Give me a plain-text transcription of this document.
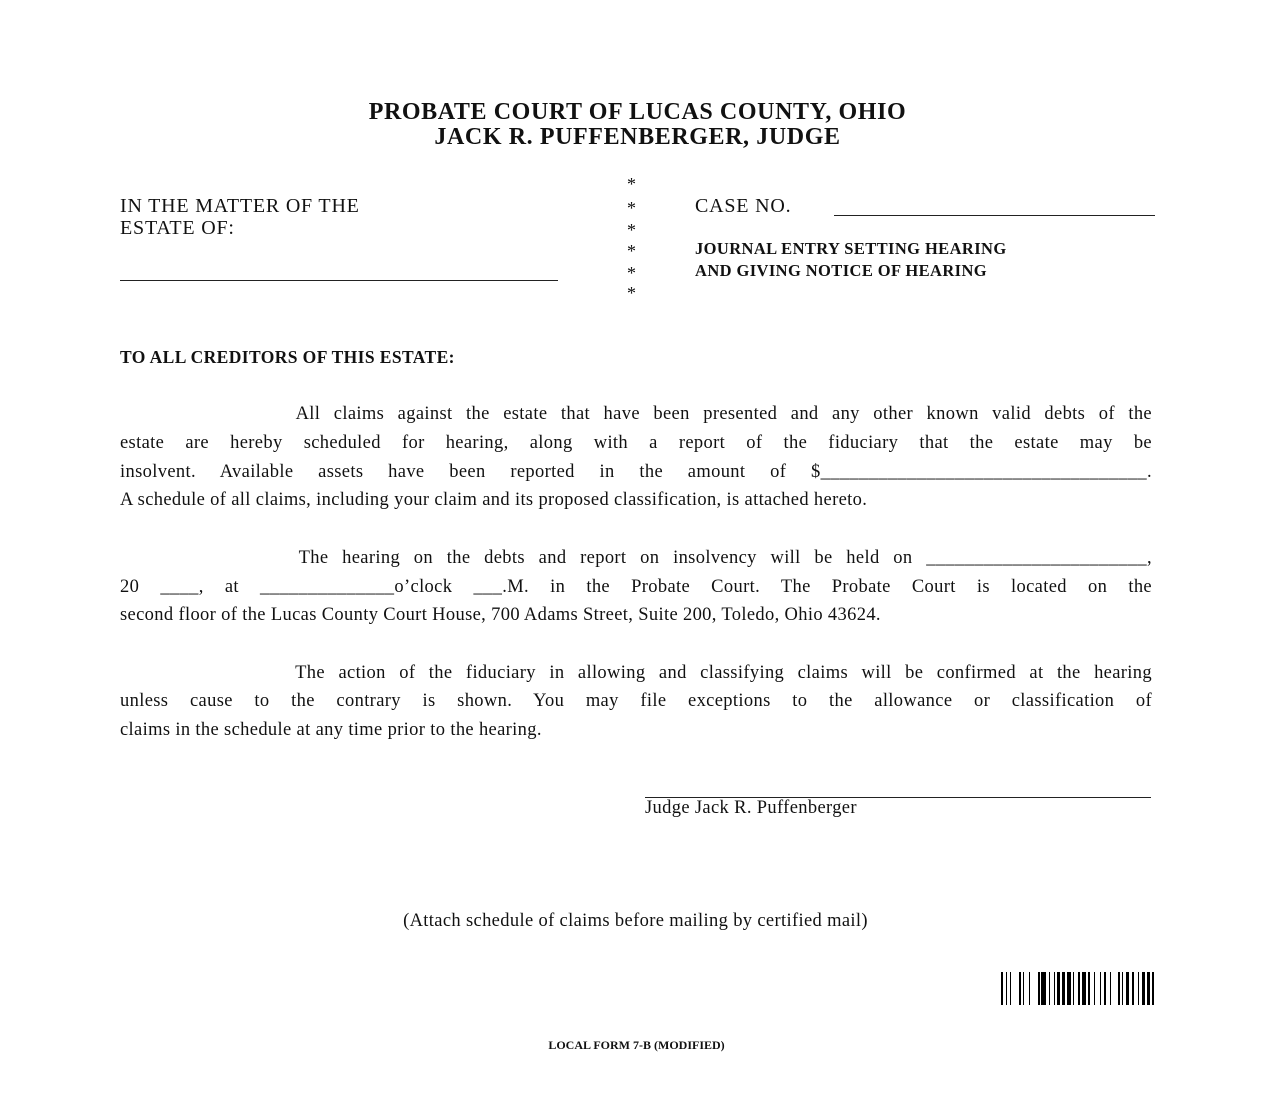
PROBATE COURT OF LUCAS COUNTY, OHIO
JACK R. PUFFENBERGER, JUDGE
IN THE MATTER OF THE
ESTATE OF:
*
*
*
*
*
*
CASE NO.
JOURNAL ENTRY SETTING HEARING
AND GIVING NOTICE OF HEARING
TO ALL CREDITORS OF THIS ESTATE:
All claims against the estate that have been presented and any other known valid debts of the
estate are hereby scheduled for hearing, along with a report of the fiduciary that the estate may be
insolvent. Available assets have been reported in the amount of $__________________________________.
A schedule of all claims, including your claim and its proposed classification, is attached hereto.
The hearing on the debts and report on insolvency will be held on _______________________,
20 ____, at ______________o’clock ___.M. in the Probate Court. The Probate Court is located on the
second floor of the Lucas County Court House, 700 Adams Street, Suite 200, Toledo, Ohio 43624.
The action of the fiduciary in allowing and classifying claims will be confirmed at the hearing
unless cause to the contrary is shown. You may file exceptions to the allowance or classification of
claims in the schedule at any time prior to the hearing.
Judge Jack R. Puffenberger
(Attach schedule of claims before mailing by certified mail)
LOCAL FORM 7-B (MODIFIED)
